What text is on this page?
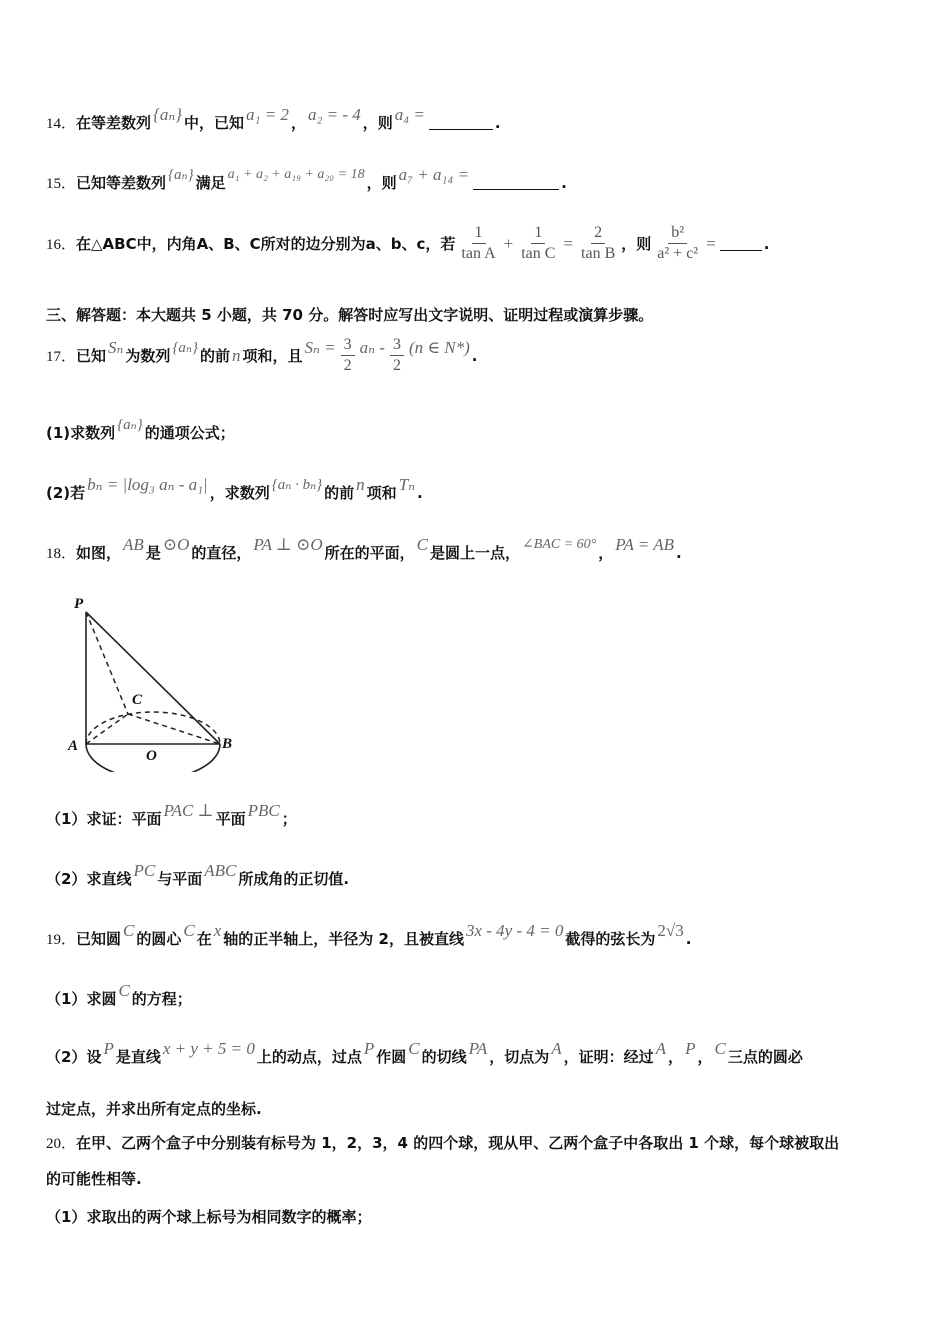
14． 在等差数列 {aₙ} 中，已知 a₁ = 2 ， a₂ = - 4 ，则 a₄ =	.
15． 已知等差数列 {aₙ} 满足 a₁ + a₂ + a₁₉ + a₂₀ = 18 ，则 a₇ + a₁₄ =	.
16． 在△ABC中，内角A、B、C所对的边分别为a、b、c，若 $\frac{1}{\text{tan A}} + \frac{1}{\text{tan C}} = \frac{2}{\text{tan B}}$ ，则 $\frac{\text{b²}}{\text{a² + c²}}$ =	.
三、解答题：本大题共 5 小题，共 70 分。解答时应写出文字说明、证明过程或演算步骤。
17． 已知 Sₙ 为数列 {aₙ} 的前 n 项和，且 $S_n = \frac{3}{2}$ aₙ - $\frac{3}{2} (n$ ∈ N*) .
(1) 求数列 {aₙ} 的通项公式；
(2) 若 bₙ = |log₃ aₙ - a₁| ，求数列 {aₙ · bₙ} 的前 n 项和 Tₙ .
18． 如图， AB 是 ⊙O 的直径， PA ⊥ ⊙O 所在的平面， C 是圆上一点， ∠BAC = 60° ， PA = AB .
P
C
A
O
B
（1） 求证：平面 PAC ⊥ 平面 PBC ；
（2） 求直线 PC 与平面 ABC 所成角的正切值.
19． 已知圆 C 的圆心 C 在 x 轴的正半轴上，半径为 2，且被直线 3x - 4y - 4 = 0 截得的弦长为 2√3 .
（1） 求圆 C 的方程；
（2） 设 P 是直线 x + y + 5 = 0 上的动点，过点 P 作圆 C 的切线 PA ，切点为 A ，证明：经过 A ， P ， C 三点的圆必
过定点，并求出所有定点的坐标.
20． 在甲、乙两个盒子中分别装有标号为 1，2，3，4 的四个球，现从甲、乙两个盒子中各取出 1 个球，每个球被取出
的可能性相等.
（1） 求取出的两个球上标号为相同数字的概率；
